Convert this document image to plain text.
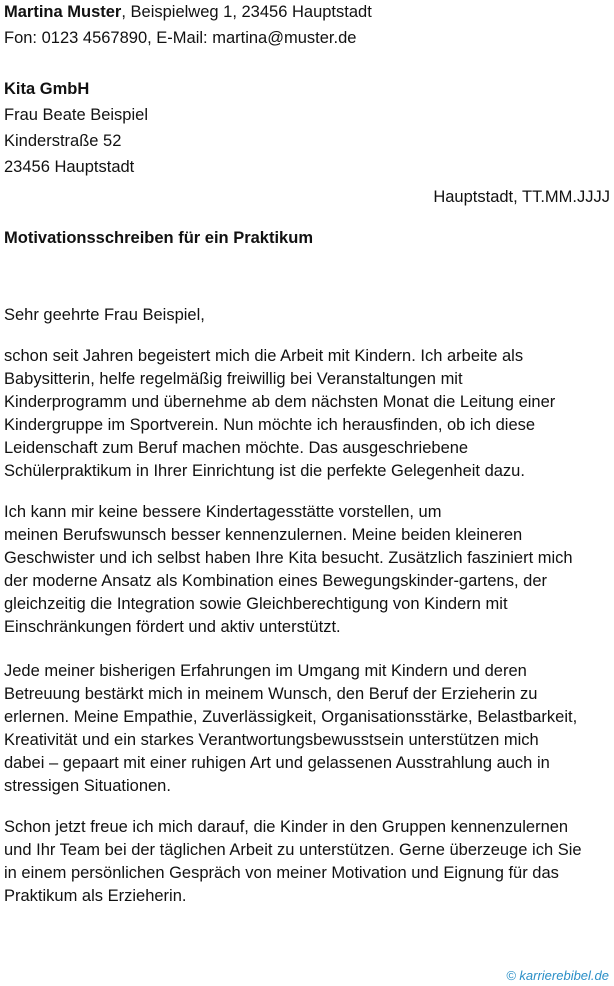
Martina Muster, Beispielweg 1, 23456 Hauptstadt
Fon: 0123 4567890, E-Mail: martina@muster.de
Kita GmbH
Frau Beate Beispiel
Kinderstraße 52
23456 Hauptstadt
Hauptstadt, TT.MM.JJJJ
Motivationsschreiben für ein Praktikum
Sehr geehrte Frau Beispiel,
schon seit Jahren begeistert mich die Arbeit mit Kindern. Ich arbeite als
Babysitterin, helfe regelmäßig freiwillig bei Veranstaltungen mit
Kinderprogramm und übernehme ab dem nächsten Monat die Leitung einer
Kindergruppe im Sportverein. Nun möchte ich herausfinden, ob ich diese
Leidenschaft zum Beruf machen möchte. Das ausgeschriebene
Schülerpraktikum in Ihrer Einrichtung ist die perfekte Gelegenheit dazu.
Ich kann mir keine bessere Kindertagesstätte vorstellen, um
meinen Berufswunsch besser kennenzulernen. Meine beiden kleineren
Geschwister und ich selbst haben Ihre Kita besucht. Zusätzlich fasziniert mich
der moderne Ansatz als Kombination eines Bewegungskinder-gartens, der
gleichzeitig die Integration sowie Gleichberechtigung von Kindern mit
Einschränkungen fördert und aktiv unterstützt.
Jede meiner bisherigen Erfahrungen im Umgang mit Kindern und deren
Betreuung bestärkt mich in meinem Wunsch, den Beruf der Erzieherin zu
erlernen. Meine Empathie, Zuverlässigkeit, Organisationsstärke, Belastbarkeit,
Kreativität und ein starkes Verantwortungsbewusstsein unterstützen mich
dabei – gepaart mit einer ruhigen Art und gelassenen Ausstrahlung auch in
stressigen Situationen.
Schon jetzt freue ich mich darauf, die Kinder in den Gruppen kennenzulernen
und Ihr Team bei der täglichen Arbeit zu unterstützen. Gerne überzeuge ich Sie
in einem persönlichen Gespräch von meiner Motivation und Eignung für das
Praktikum als Erzieherin.
© karrierebibel.de
